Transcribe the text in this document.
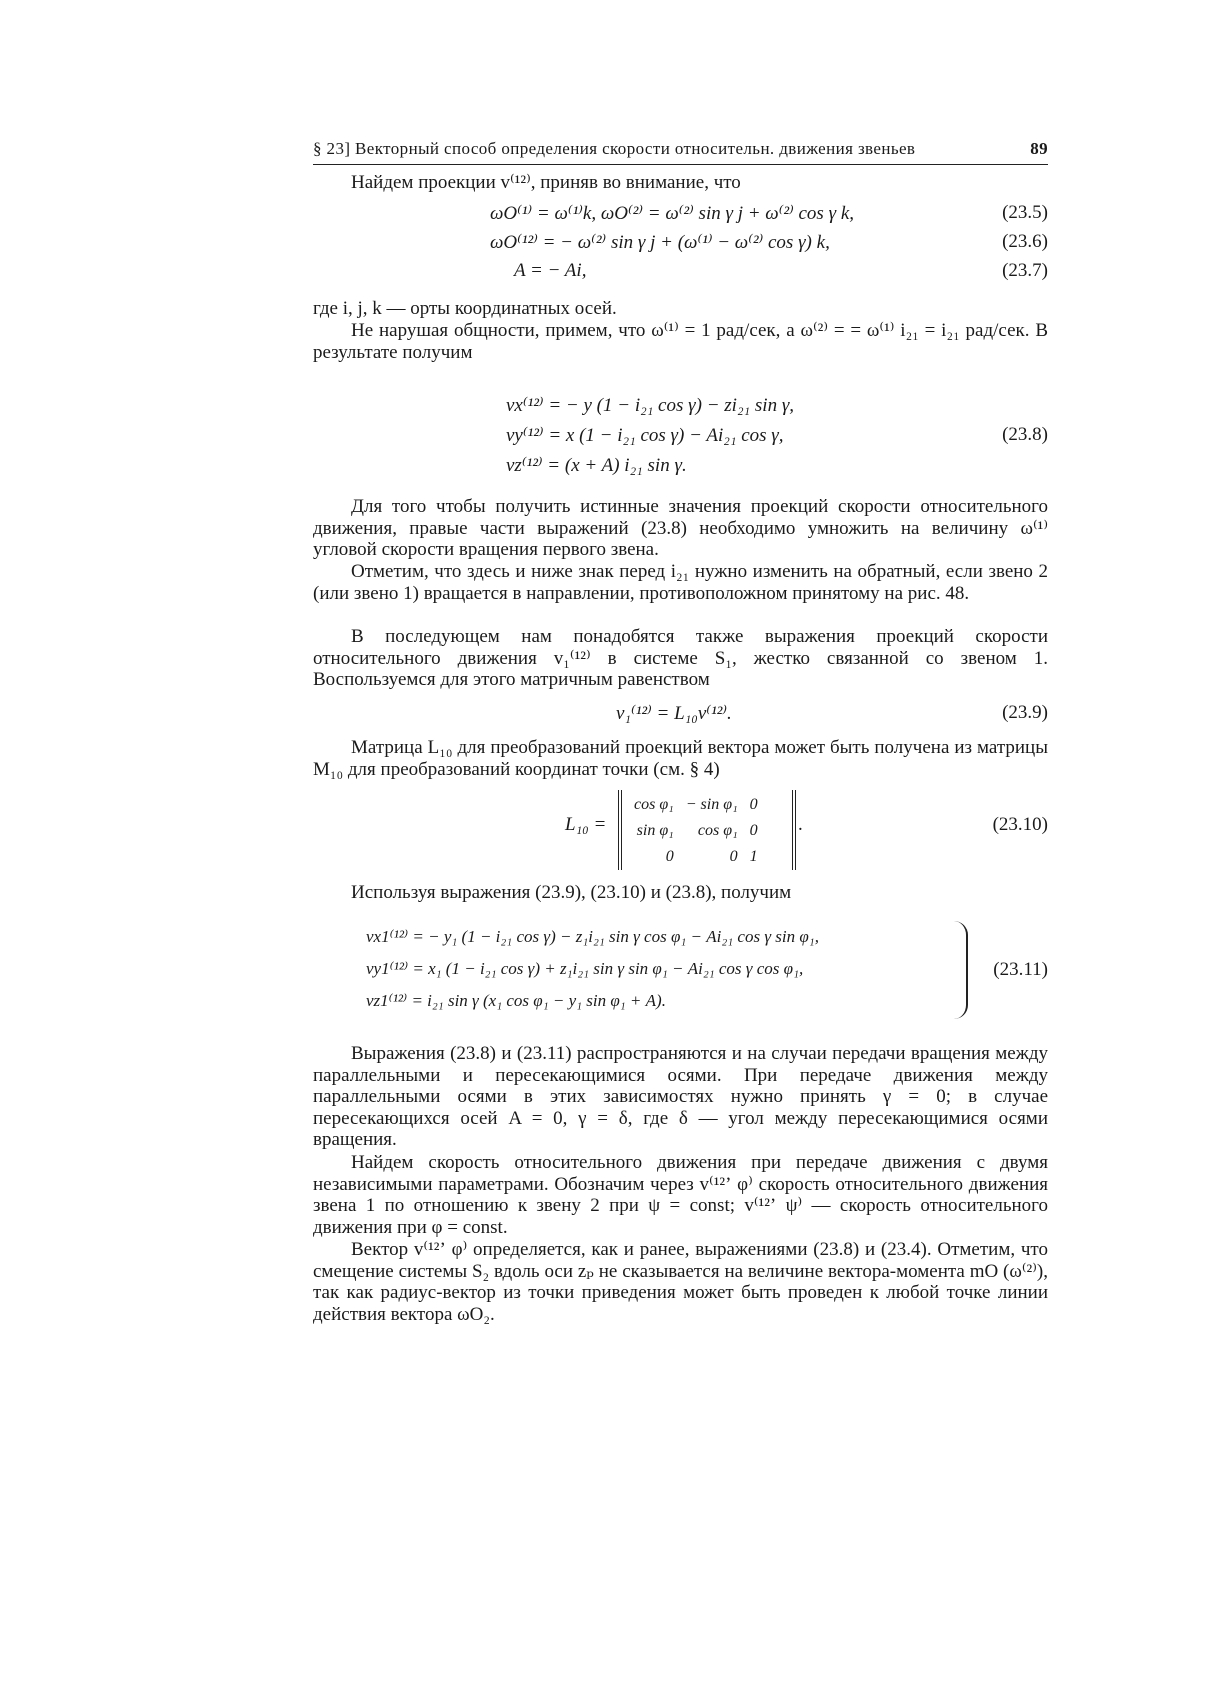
§ 23] Векторный способ определения скорости относительн. движения звеньев	89
Найдем проекции v⁽¹²⁾, приняв во внимание, что
ωO⁽¹⁾ = ω⁽¹⁾k, ωO⁽²⁾ = ω⁽²⁾ sin γ j + ω⁽²⁾ cos γ k,	(23.5)
ωO⁽¹²⁾ = − ω⁽²⁾ sin γ j + (ω⁽¹⁾ − ω⁽²⁾ cos γ) k,	(23.6)
A = − Ai,	(23.7)
где i, j, k — орты координатных осей.
Не нарушая общности, примем, что ω⁽¹⁾ = 1 рад/сек, а ω⁽²⁾ = = ω⁽¹⁾ i₂₁ = i₂₁ рад/сек. В результате получим
vx⁽¹²⁾ = − y (1 − i₂₁ cos γ) − zi₂₁ sin γ,
vy⁽¹²⁾ = x (1 − i₂₁ cos γ) − Ai₂₁ cos γ,	(23.8)
vz⁽¹²⁾ = (x + A) i₂₁ sin γ.
Для того чтобы получить истинные значения проекций скорости относительного движения, правые части выражений (23.8) необходимо умножить на величину ω⁽¹⁾ угловой скорости вращения первого звена.
Отметим, что здесь и ниже знак перед i₂₁ нужно изменить на обратный, если звено 2 (или звено 1) вращается в направлении, противоположном принятому на рис. 48.
В последующем нам понадобятся также выражения проекций скорости относительного движения v₁⁽¹²⁾ в системе S₁, жестко связанной со звеном 1. Воспользуемся для этого матричным равенством
v₁⁽¹²⁾ = L₁₀v⁽¹²⁾.	(23.9)
Матрица L₁₀ для преобразований проекций вектора может быть получена из матрицы M₁₀ для преобразований координат точки (см. § 4)
L₁₀ =
cos φ₁	− sin φ₁	0
sin φ₁	cos φ₁	0
0	0	1
.	(23.10)
Используя выражения (23.9), (23.10) и (23.8), получим
vx1⁽¹²⁾ = − y₁ (1 − i₂₁ cos γ) − z₁i₂₁ sin γ cos φ₁ − Ai₂₁ cos γ sin φ₁,
vy1⁽¹²⁾ = x₁ (1 − i₂₁ cos γ) + z₁i₂₁ sin γ sin φ₁ − Ai₂₁ cos γ cos φ₁,
vz1⁽¹²⁾ = i₂₁ sin γ (x₁ cos φ₁ − y₁ sin φ₁ + A).
(23.11)
Выражения (23.8) и (23.11) распространяются и на случаи передачи вращения между параллельными и пересекающимися осями. При передаче движения между параллельными осями в этих зависимостях нужно принять γ = 0; в случае пересекающихся осей A = 0, γ = δ, где δ — угол между пересекающимися осями вращения.
Найдем скорость относительного движения при передаче движения с двумя независимыми параметрами. Обозначим через v⁽¹²ʼ φ⁾ скорость относительного движения звена 1 по отношению к звену 2 при ψ = const; v⁽¹²ʼ ψ⁾ — скорость относительного движения при φ = const.
Вектор v⁽¹²ʼ φ⁾ определяется, как и ранее, выражениями (23.8) и (23.4). Отметим, что смещение системы S₂ вдоль оси zₚ не сказывается на величине вектора-момента mO (ω⁽²⁾), так как радиус-вектор из точки приведения может быть проведен к любой точке линии действия вектора ωO₂.
